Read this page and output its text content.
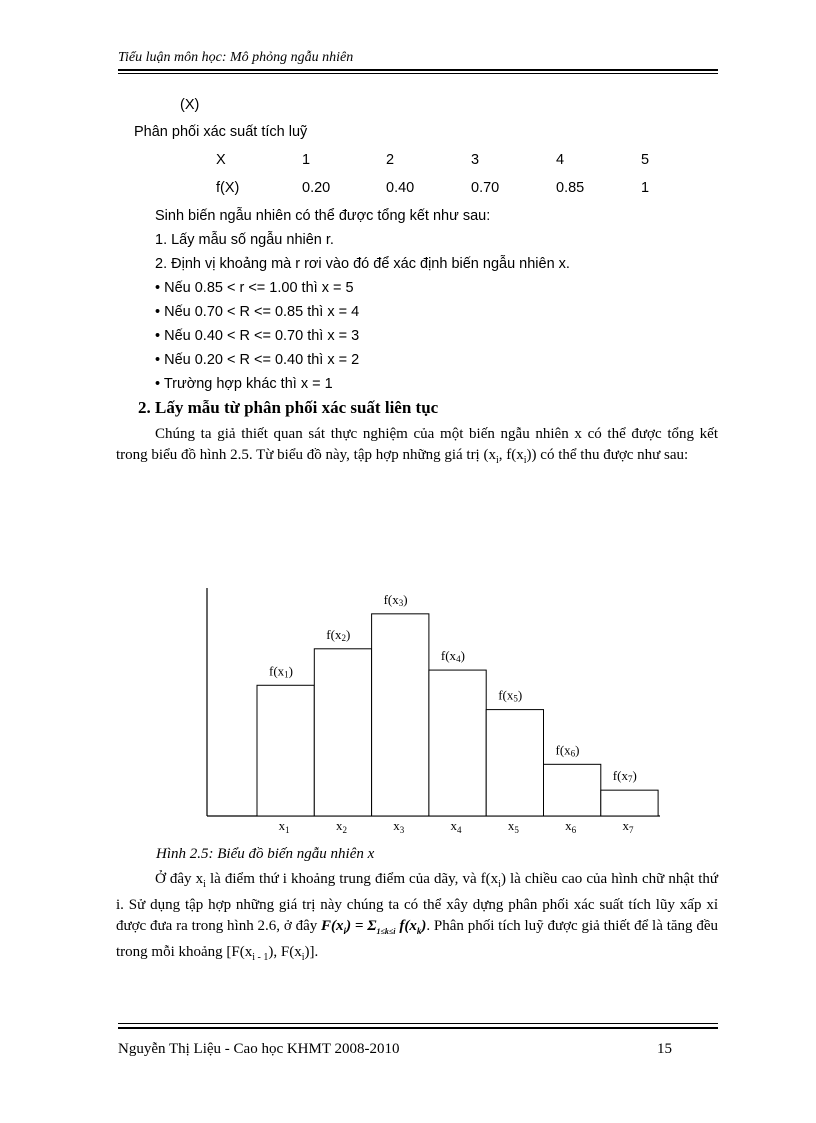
Tiểu luận môn học: Mô phỏng ngẫu nhiên
(X)
Phân phối xác suất tích luỹ
X	1	2	3	4	5
f(X)	0.20	0.40	0.70	0.85	1
Sinh biến ngẫu nhiên có thể được tổng kết như sau:
1. Lấy mẫu số ngẫu nhiên r.
2. Định vị khoảng mà r rơi vào đó để xác định biến ngẫu nhiên x.
• Nếu 0.85 < r <= 1.00 thì x = 5
• Nếu 0.70 < R <= 0.85 thì x = 4
• Nếu 0.40 < R <= 0.70 thì x = 3
• Nếu 0.20 < R <= 0.40 thì x = 2
• Trường hợp khác thì x = 1
2. Lấy mẫu từ phân phối xác suất liên tục
Chúng ta giả thiết quan sát thực nghiệm của một biến ngẫu nhiên x có thể được tổng kết trong biểu đồ hình 2.5. Từ biểu đồ này, tập hợp những giá trị ($x_i$, $f(x_i)$) có thể thu được như sau:
f(x1)
$x_1$
f(x2)
$x_2$
f(x3)
$x_3$
f(x4)
$x_4$
f(x5)
$x_5$
f(x6)
$x_6$
f(x7)
$x_7$
Hình 2.5: Biểu đồ biến ngẫu nhiên x
Ở đây $x_i$ là điểm thứ i khoảng trung điểm của dãy, và $f(x_i)$ là chiều cao của hình chữ nhật thứ i. Sử dụng tập hợp những giá trị này chúng ta có thể xây dựng phân phối xác suất tích lũy xấp xỉ được đưa ra trong hình 2.6, ở đây $F(x_i) = \Sigma_{1\le k\le i}$ $f(x_k)$. Phân phối tích luỹ được giả thiết để là tăng đều trong mỗi khoảng [$F(x_{i - 1})$, $F(x_i)$].
Nguyễn Thị Liệu - Cao học KHMT 2008-2010	15
